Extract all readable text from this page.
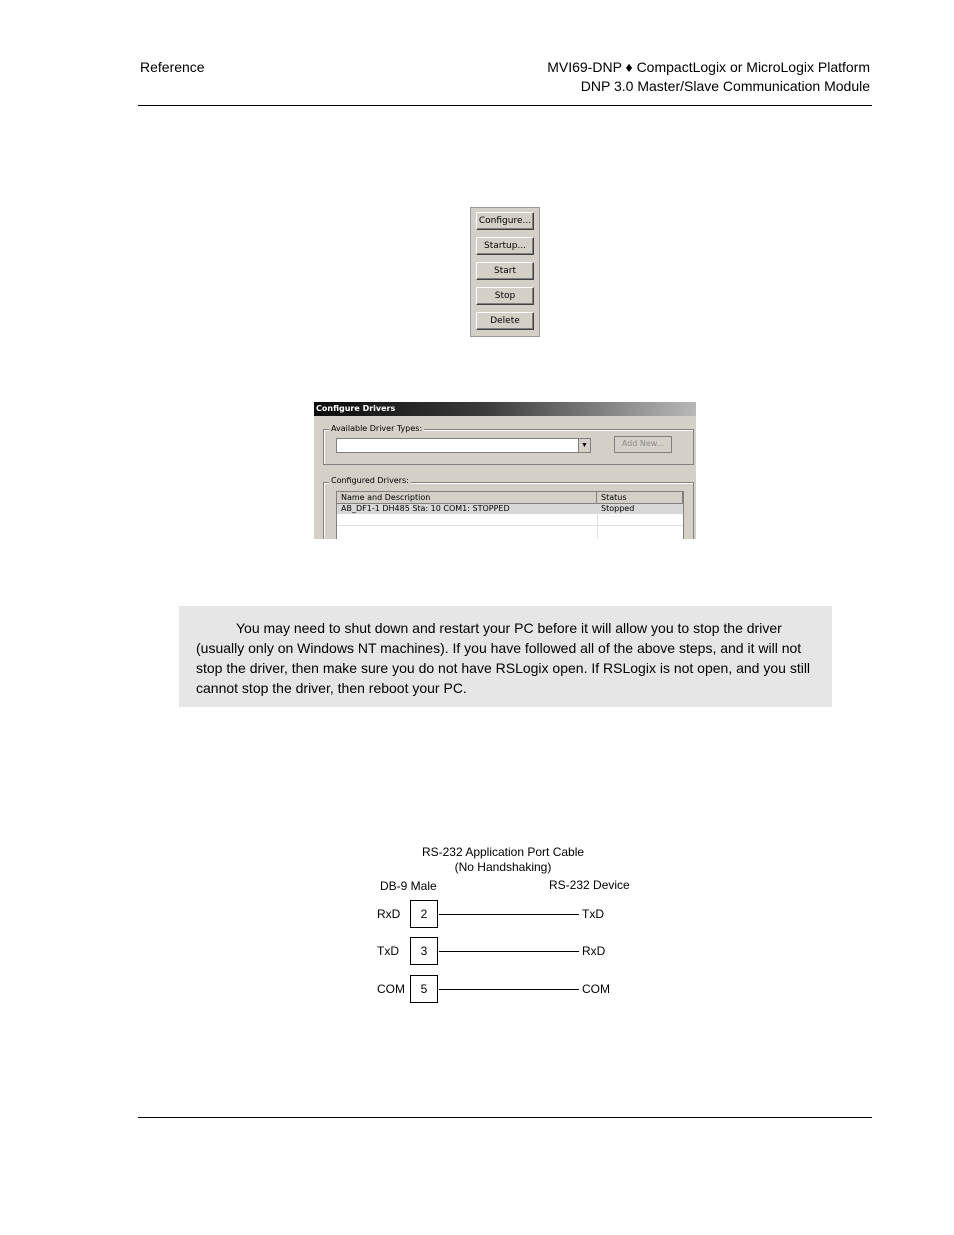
Reference	MVI69-DNP ♦ CompactLogix or MicroLogix Platform
DNP 3.0 Master/Slave Communication Module
Configure...
Startup...
Start
Stop
Delete
Configure Drivers
Available Driver Types:
▼	Add New...
Configured Drivers:
Name and Description	Status
AB_DF1-1 DH485 Sta: 10 COM1: STOPPED	Stopped

You may need to shut down and restart your PC before it will allow you to stop the driver (usually only on Windows NT machines). If you have followed all of the above steps, and it will not stop the driver, then make sure you do not have RSLogix open. If RSLogix is not open, and you still cannot stop the driver, then reboot your PC.

RS-232 Application Port Cable
(No Handshaking)
DB-9 Male	RS-232 Device
RxD	2	TxD
TxD	3	RxD
COM	5	COM
